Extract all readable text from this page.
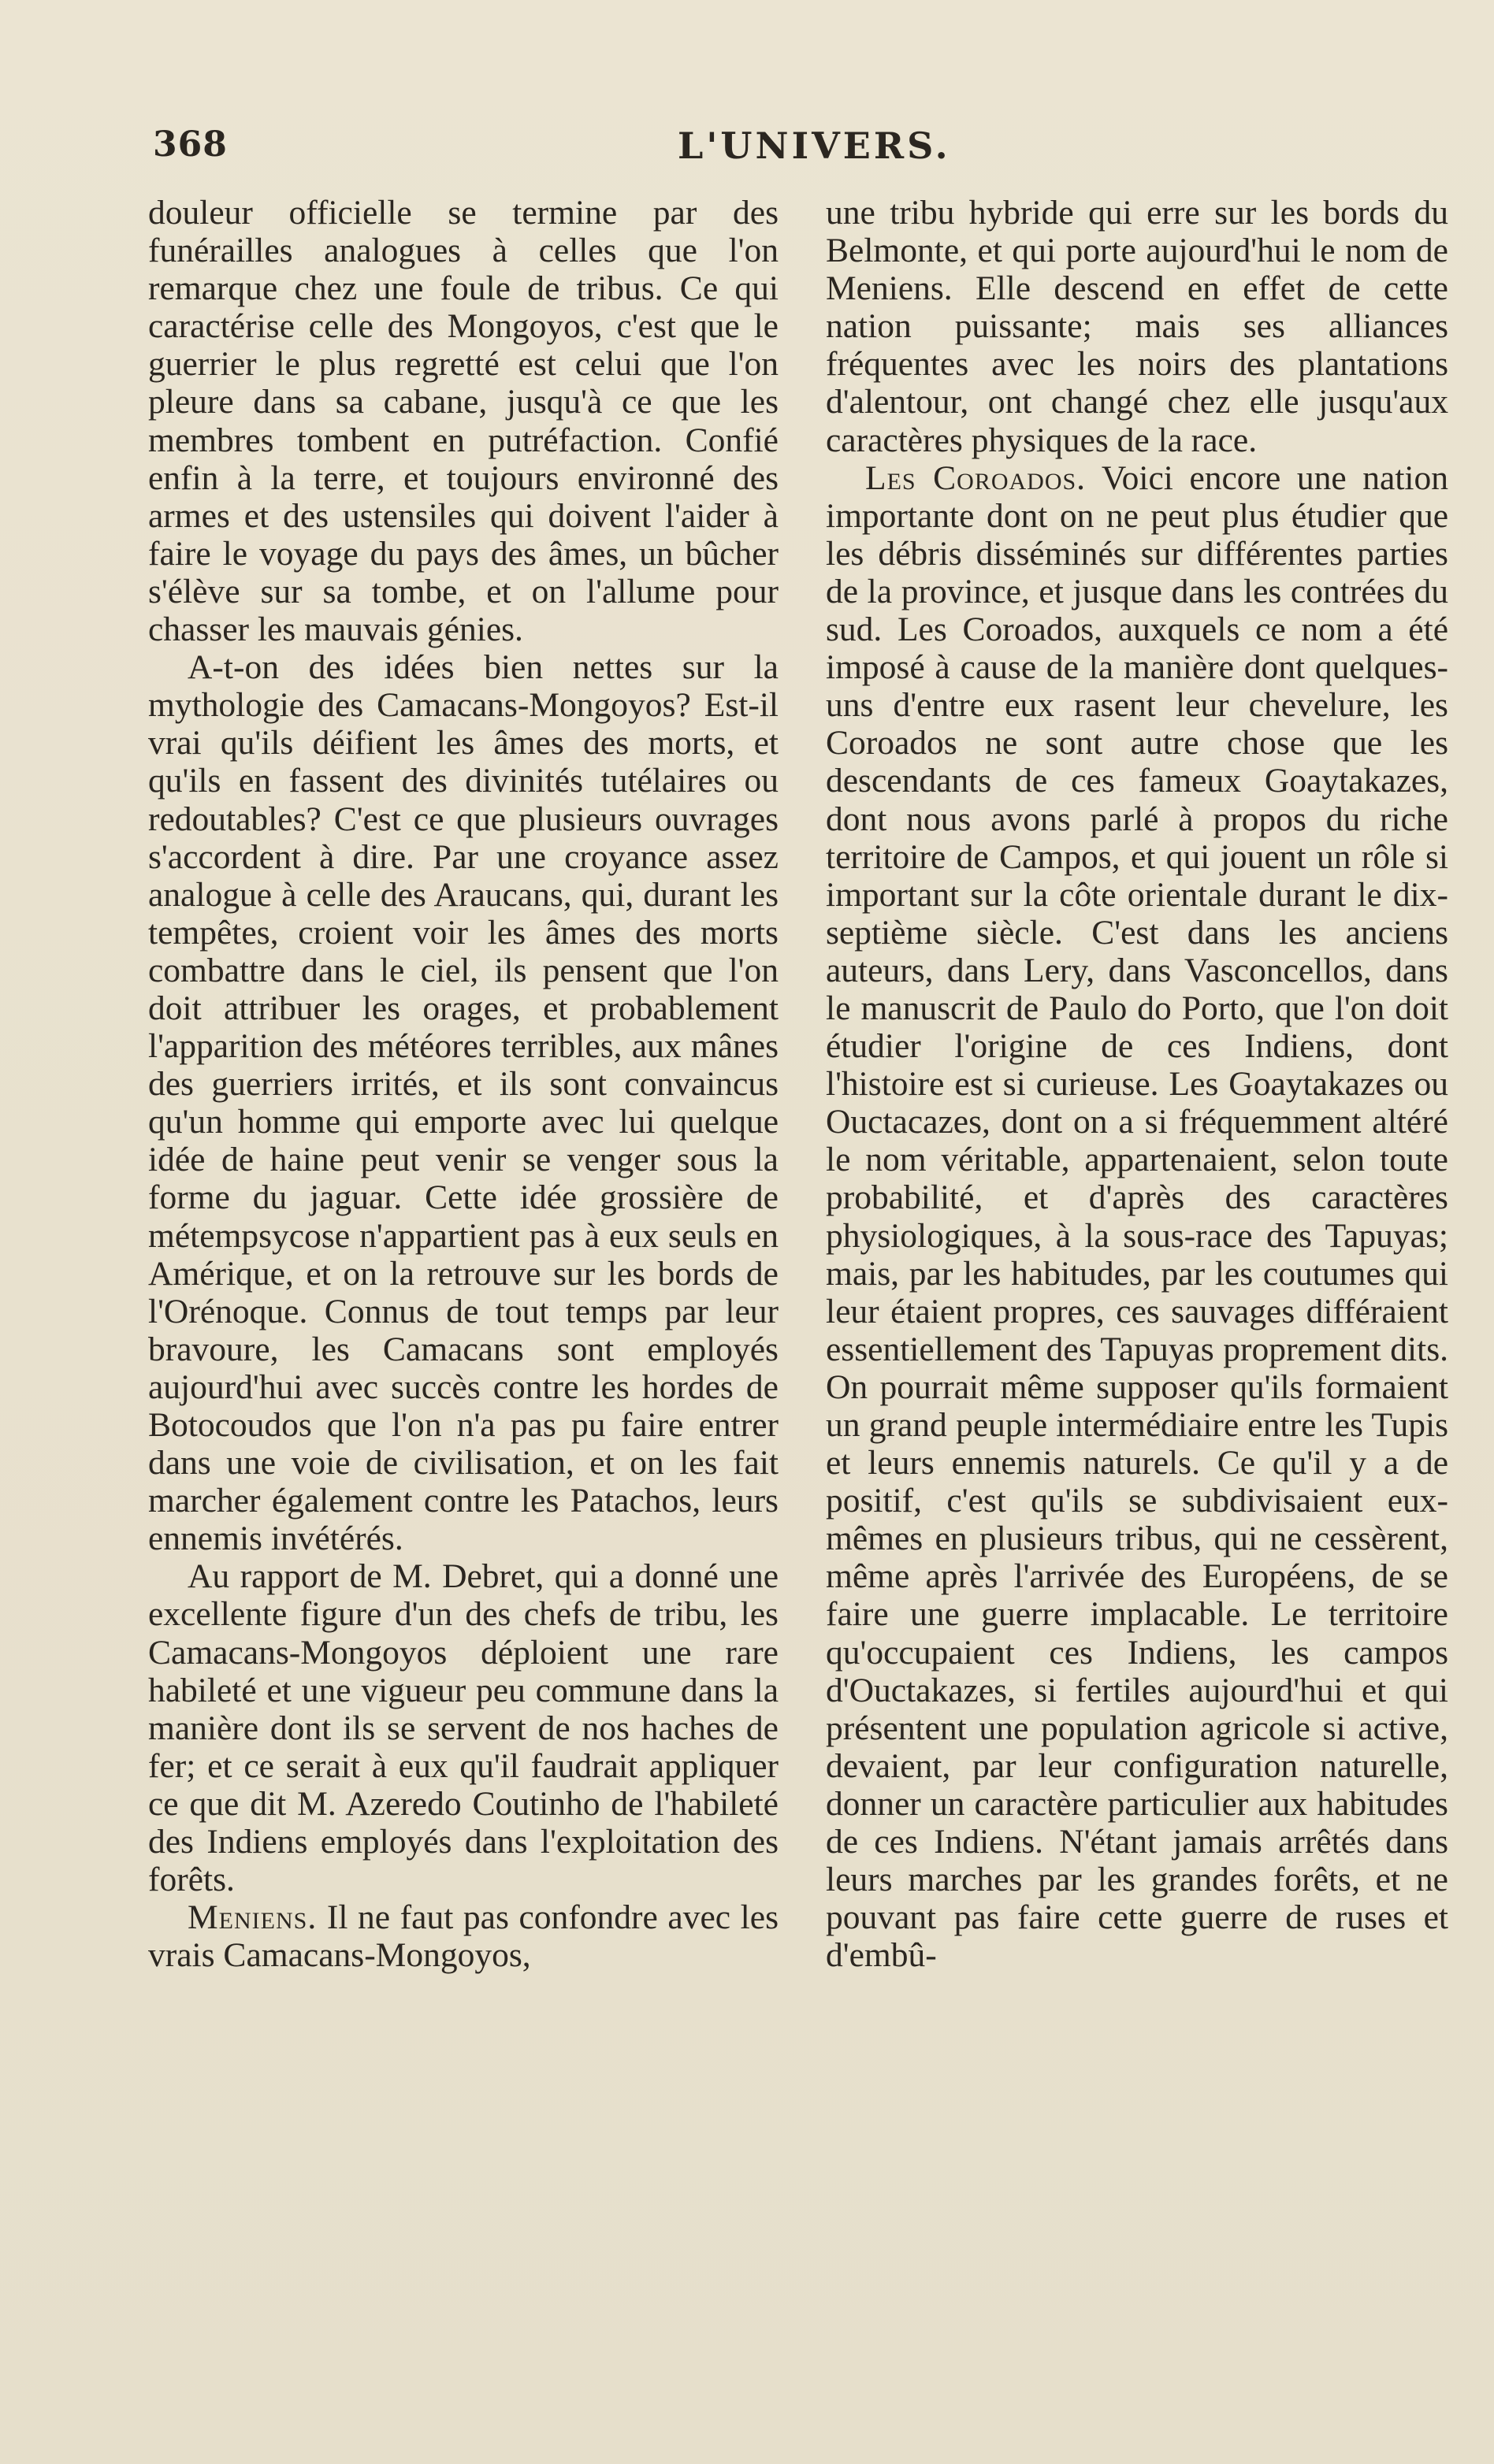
368	L'UNIVERS.

douleur officielle se termine par des funérailles analogues à celles que l'on remarque chez une foule de tribus. Ce qui caractérise celle des Mongoyos, c'est que le guerrier le plus regretté est celui que l'on pleure dans sa cabane, jusqu'à ce que les membres tombent en putréfaction. Confié enfin à la terre, et toujours environné des armes et des ustensiles qui doivent l'aider à faire le voyage du pays des âmes, un bûcher s'élève sur sa tombe, et on l'allume pour chasser les mauvais génies.

A-t-on des idées bien nettes sur la mythologie des Camacans-Mongoyos? Est-il vrai qu'ils déifient les âmes des morts, et qu'ils en fassent des divinités tutélaires ou redoutables? C'est ce que plusieurs ouvrages s'accordent à dire. Par une croyance assez analogue à celle des Araucans, qui, durant les tempêtes, croient voir les âmes des morts combattre dans le ciel, ils pensent que l'on doit attribuer les orages, et probablement l'apparition des météores terribles, aux mânes des guerriers irrités, et ils sont convaincus qu'un homme qui emporte avec lui quelque idée de haine peut venir se venger sous la forme du jaguar. Cette idée grossière de métempsycose n'appartient pas à eux seuls en Amérique, et on la retrouve sur les bords de l'Orénoque. Connus de tout temps par leur bravoure, les Camacans sont employés aujourd'hui avec succès contre les hordes de Botocoudos que l'on n'a pas pu faire entrer dans une voie de civilisation, et on les fait marcher également contre les Patachos, leurs ennemis invétérés.

Au rapport de M. Debret, qui a donné une excellente figure d'un des chefs de tribu, les Camacans-Mongoyos déploient une rare habileté et une vigueur peu commune dans la manière dont ils se servent de nos haches de fer; et ce serait à eux qu'il faudrait appliquer ce que dit M. Azeredo Coutinho de l'habileté des Indiens employés dans l'exploitation des forêts.

Meniens. Il ne faut pas confondre avec les vrais Camacans-Mongoyos,

une tribu hybride qui erre sur les bords du Belmonte, et qui porte aujourd'hui le nom de Meniens. Elle descend en effet de cette nation puissante; mais ses alliances fréquentes avec les noirs des plantations d'alentour, ont changé chez elle jusqu'aux caractères physiques de la race.

Les Coroados. Voici encore une nation importante dont on ne peut plus étudier que les débris disséminés sur différentes parties de la province, et jusque dans les contrées du sud. Les Coroados, auxquels ce nom a été imposé à cause de la manière dont quelques-uns d'entre eux rasent leur chevelure, les Coroados ne sont autre chose que les descendants de ces fameux Goaytakazes, dont nous avons parlé à propos du riche territoire de Campos, et qui jouent un rôle si important sur la côte orientale durant le dix-septième siècle. C'est dans les anciens auteurs, dans Lery, dans Vasconcellos, dans le manuscrit de Paulo do Porto, que l'on doit étudier l'origine de ces Indiens, dont l'histoire est si curieuse. Les Goaytakazes ou Ouctacazes, dont on a si fréquemment altéré le nom véritable, appartenaient, selon toute probabilité, et d'après des caractères physiologiques, à la sous-race des Tapuyas; mais, par les habitudes, par les coutumes qui leur étaient propres, ces sauvages différaient essentiellement des Tapuyas proprement dits. On pourrait même supposer qu'ils formaient un grand peuple intermédiaire entre les Tupis et leurs ennemis naturels. Ce qu'il y a de positif, c'est qu'ils se subdivisaient eux-mêmes en plusieurs tribus, qui ne cessèrent, même après l'arrivée des Européens, de se faire une guerre implacable. Le territoire qu'occupaient ces Indiens, les campos d'Ouctakazes, si fertiles aujourd'hui et qui présentent une population agricole si active, devaient, par leur configuration naturelle, donner un caractère particulier aux habitudes de ces Indiens. N'étant jamais arrêtés dans leurs marches par les grandes forêts, et ne pouvant pas faire cette guerre de ruses et d'embû-
